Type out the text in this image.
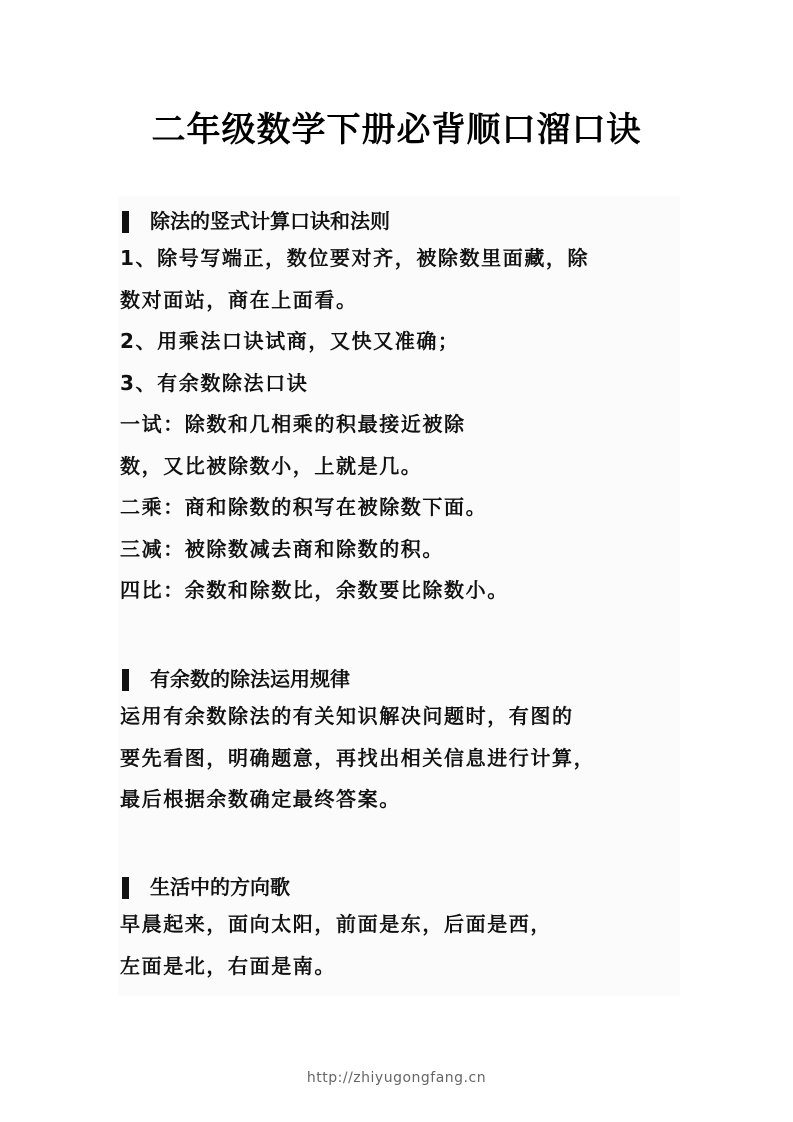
二年级数学下册必背顺口溜口诀
除法的竖式计算口诀和法则
1、除号写端正，数位要对齐，被除数里面藏，除
数对面站，商在上面看。
2、用乘法口诀试商，又快又准确；
3、有余数除法口诀
一试：除数和几相乘的积最接近被除
数，又比被除数小，上就是几。
二乘：商和除数的积写在被除数下面。
三减：被除数减去商和除数的积。
四比：余数和除数比，余数要比除数小。
有余数的除法运用规律
运用有余数除法的有关知识解决问题时，有图的
要先看图，明确题意，再找出相关信息进行计算，
最后根据余数确定最终答案。
生活中的方向歌
早晨起来，面向太阳，前面是东，后面是西，
左面是北，右面是南。
http://zhiyugongfang.cn
